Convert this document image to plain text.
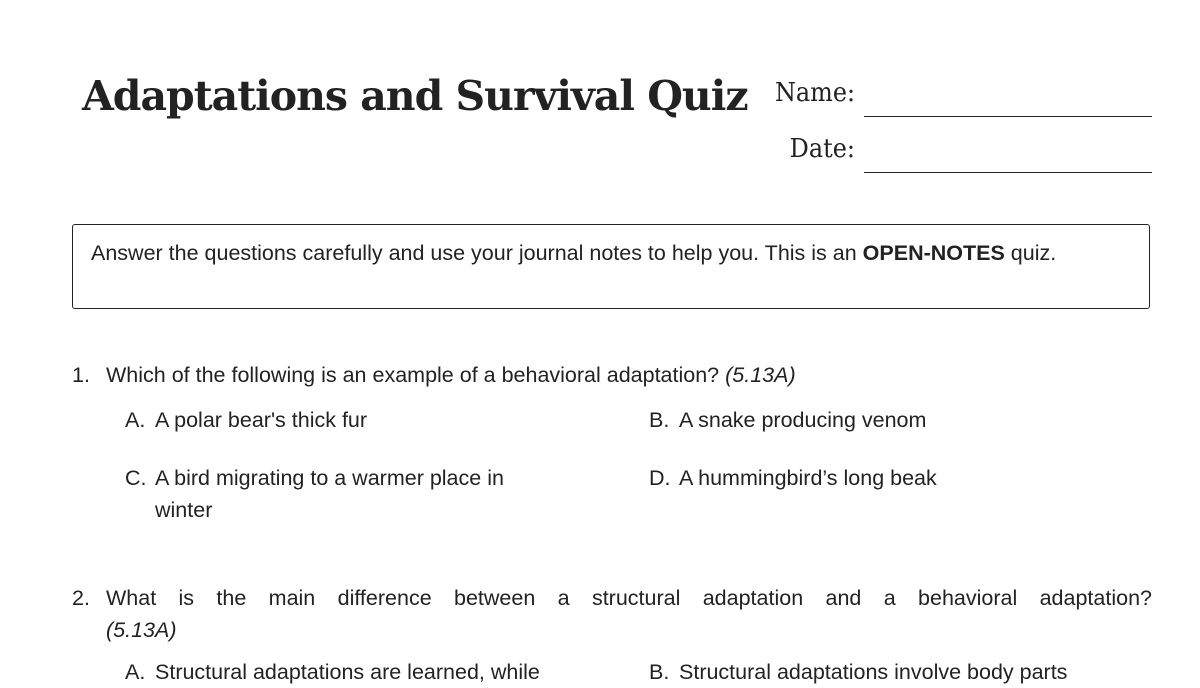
Adaptations and Survival Quiz Name:
Date:
Answer the questions carefully and use your journal notes to help you. This is an OPEN-NOTES quiz.
1. Which of the following is an example of a behavioral adaptation? (5.13A)
A. A polar bear's thick fur	B. A snake producing venom
C. A bird migrating to a warmer place in winter
D. A hummingbird’s long beak
2. What is the main difference between a structural adaptation and a behavioral adaptation?
(5.13A)
A. Structural adaptations are learned, while	B. Structural adaptations involve body parts
